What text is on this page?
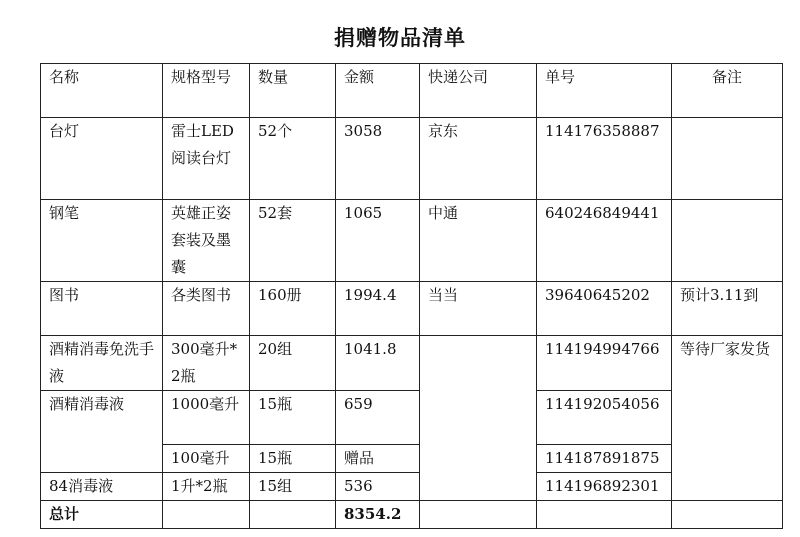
捐赠物品清单
名称	规格型号	数量	金额	快递公司	单号	备注
台灯	雷士LED阅读台灯	52个	3058	京东	114176358887	
钢笔	英雄正姿套装及墨囊	52套	1065	中通	640246849441	
图书	各类图书	160册	1994.4	当当	39640645202	预计3.11到
酒精消毒免洗手液	300毫升*2瓶	20组	1041.8		114194994766	等待厂家发货
酒精消毒液	1000毫升	15瓶	659		114192054056	
	100毫升	15瓶	赠品		114187891875	
84消毒液	1升*2瓶	15组	536		114196892301	
总计			8354.2			
